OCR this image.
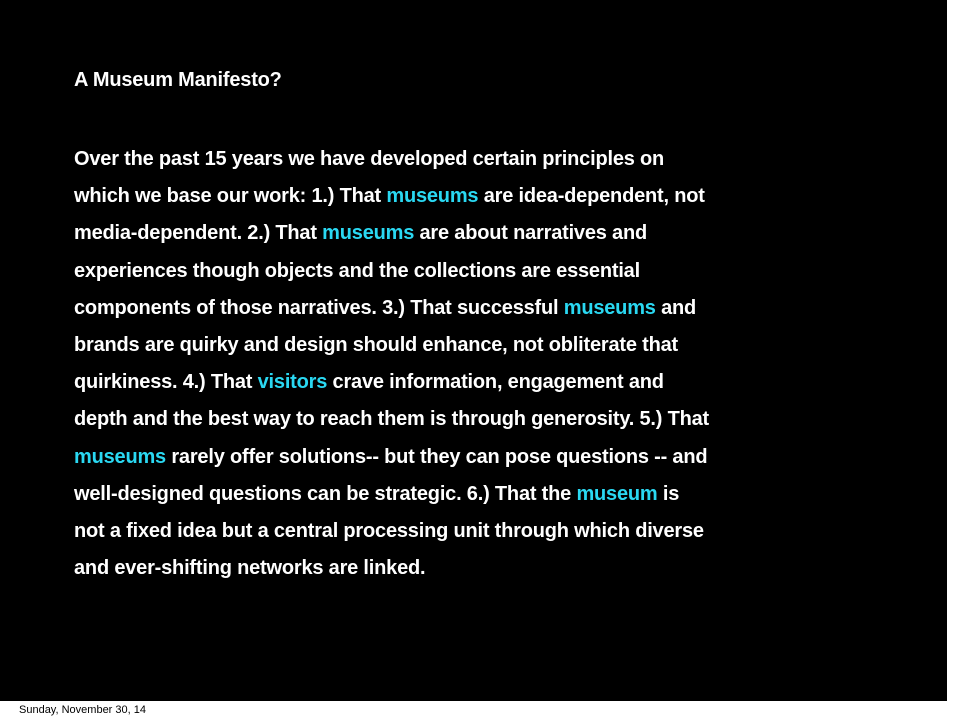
A Museum Manifesto?

Over the past 15 years we have developed certain principles on
which we base our work: 1.) That museums are idea-dependent, not
media-dependent. 2.) That museums are about narratives and
experiences though objects and the collections are essential
components of those narratives. 3.) That successful museums and
brands are quirky and design should enhance, not obliterate that
quirkiness. 4.) That visitors crave information, engagement and
depth and the best way to reach them is through generosity. 5.) That
museums rarely offer solutions-- but they can pose questions -- and
well-designed questions can be strategic. 6.) That the museum is
not a fixed idea but a central processing unit through which diverse
and ever-shifting networks are linked.

Sunday, November 30, 14
